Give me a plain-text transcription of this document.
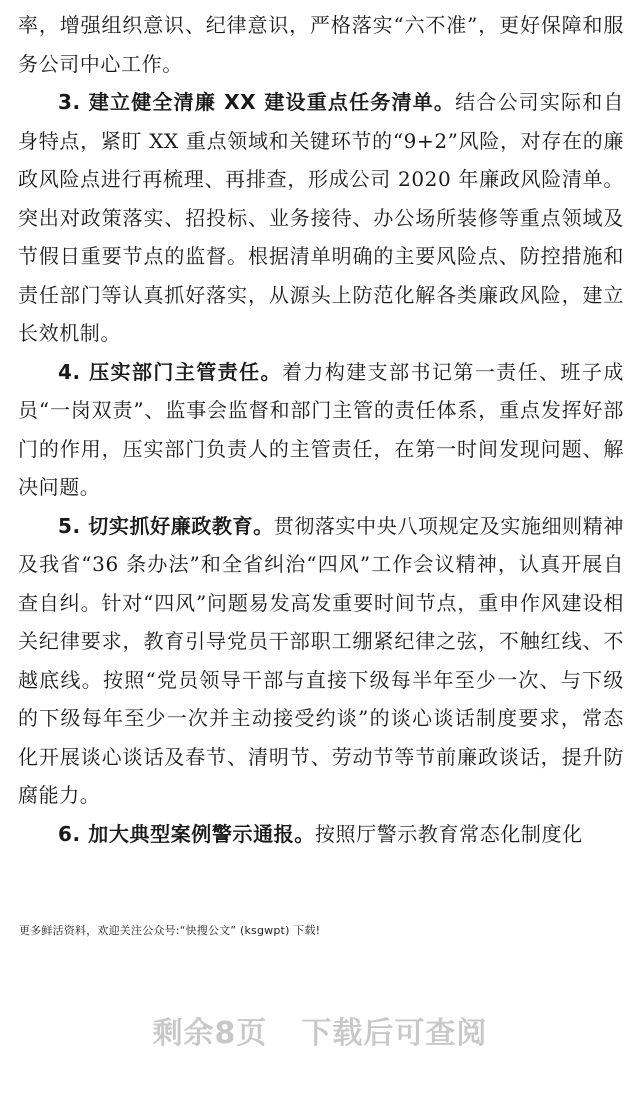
率，增强组织意识、纪律意识，严格落实“六不准”，更好保障和服务公司中心工作。

3. 建立健全清廉 XX 建设重点任务清单。结合公司实际和自身特点，紧盯 XX 重点领域和关键环节的“9+2”风险，对存在的廉政风险点进行再梳理、再排查，形成公司 2020 年廉政风险清单。突出对政策落实、招投标、业务接待、办公场所装修等重点领域及节假日重要节点的监督。根据清单明确的主要风险点、防控措施和责任部门等认真抓好落实，从源头上防范化解各类廉政风险，建立长效机制。

4. 压实部门主管责任。着力构建支部书记第一责任、班子成员“一岗双责”、监事会监督和部门主管的责任体系，重点发挥好部门的作用，压实部门负责人的主管责任，在第一时间发现问题、解决问题。

5. 切实抓好廉政教育。贯彻落实中央八项规定及实施细则精神及我省“36 条办法”和全省纠治“四风”工作会议精神，认真开展自查自纠。针对“四风”问题易发高发重要时间节点，重申作风建设相关纪律要求，教育引导党员干部职工绷紧纪律之弦，不触红线、不越底线。按照“党员领导干部与直接下级每半年至少一次、与下级的下级每年至少一次并主动接受约谈”的谈心谈话制度要求，常态化开展谈心谈话及春节、清明节、劳动节等节前廉政谈话，提升防腐能力。

6. 加大典型案例警示通报。按照厅警示教育常态化制度化

更多鲜活资料，欢迎关注公众号:“快搜公文” (ksgwpt) 下载!
剩余8页 下载后可查阅
